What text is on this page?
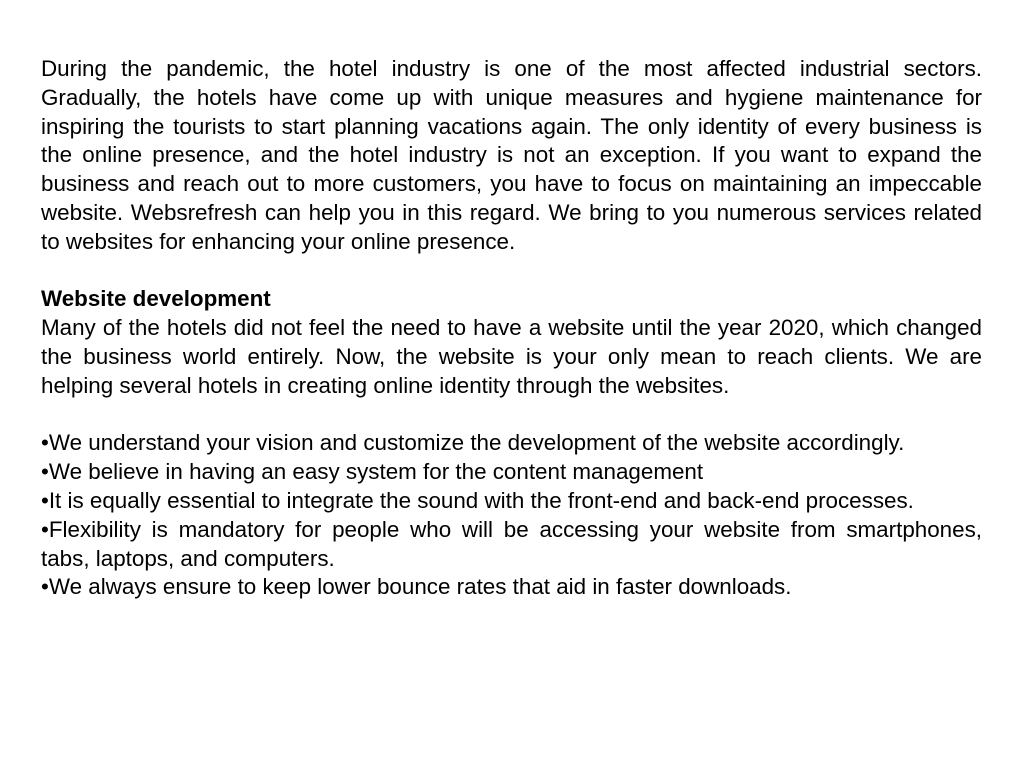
During the pandemic, the hotel industry is one of the most affected industrial sectors. Gradually, the hotels have come up with unique measures and hygiene maintenance for inspiring the tourists to start planning vacations again. The only identity of every business is the online presence, and the hotel industry is not an exception. If you want to expand the business and reach out to more customers, you have to focus on maintaining an impeccable website. Websrefresh can help you in this regard. We bring to you numerous services related to websites for enhancing your online presence.

Website development

Many of the hotels did not feel the need to have a website until the year 2020, which changed the business world entirely. Now, the website is your only mean to reach clients. We are helping several hotels in creating online identity through the websites.

•We understand your vision and customize the development of the website accordingly.

•We believe in having an easy system for the content management

•It is equally essential to integrate the sound with the front-end and back-end processes.

•Flexibility is mandatory for people who will be accessing your website from smartphones, tabs, laptops, and computers.

•We always ensure to keep lower bounce rates that aid in faster downloads.
